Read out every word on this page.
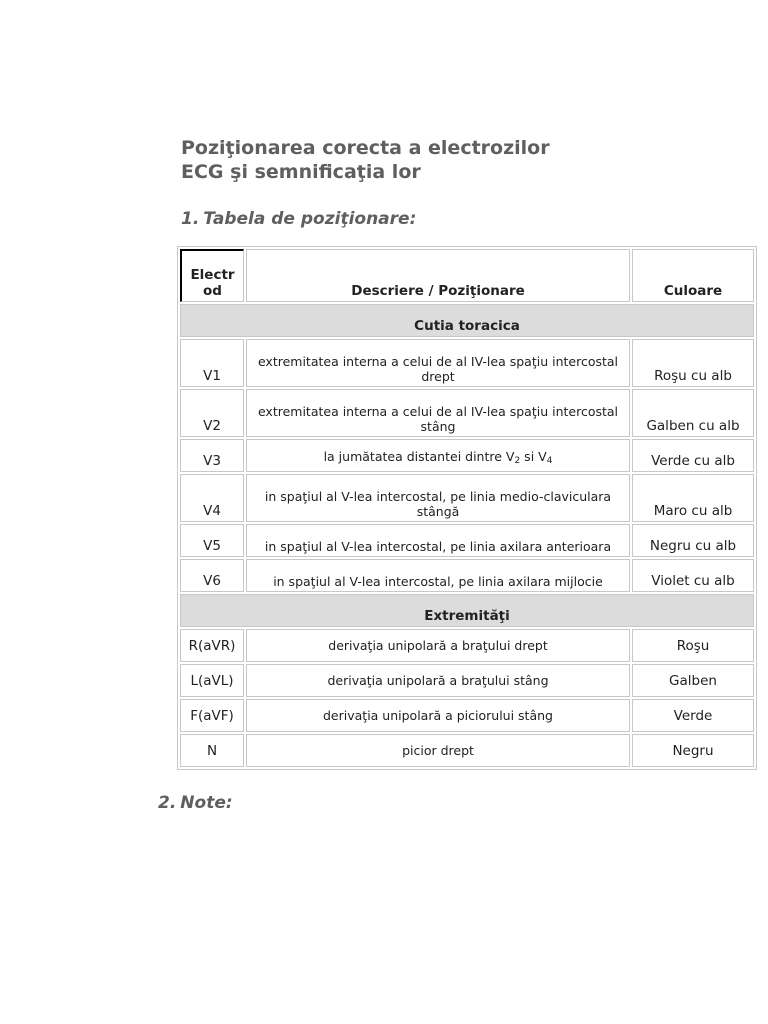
Poziţionarea corecta a electrozilor
ECG şi semnificaţia lor
1. Tabela de poziţionare:
Electrod	Descriere / Poziţionare	Culoare
Cutia toracica		
V1	extremitatea interna a celui de al IV-lea spaţiu intercostal drept	Roşu cu alb
V2	extremitatea interna a celui de al IV-lea spaţiu intercostal stâng	Galben cu alb
V3	la jumătatea distantei dintre $V_2$ si $V_4$	Verde cu alb
V4	in spaţiul al V-lea intercostal, pe linia medio-claviculara stângă	Maro cu alb
V5	in spaţiul al V-lea intercostal, pe linia axilara anterioara	Negru cu alb
V6	in spaţiul al V-lea intercostal, pe linia axilara mijlocie	Violet cu alb
Extremităţi		
R(aVR)	derivaţia unipolară a braţului drept	Roşu
L(aVL)	derivaţia unipolară a braţului stâng	Galben
F(aVF)	derivaţia unipolară a piciorului stâng	Verde
N	picior drept	Negru
2. Note:
